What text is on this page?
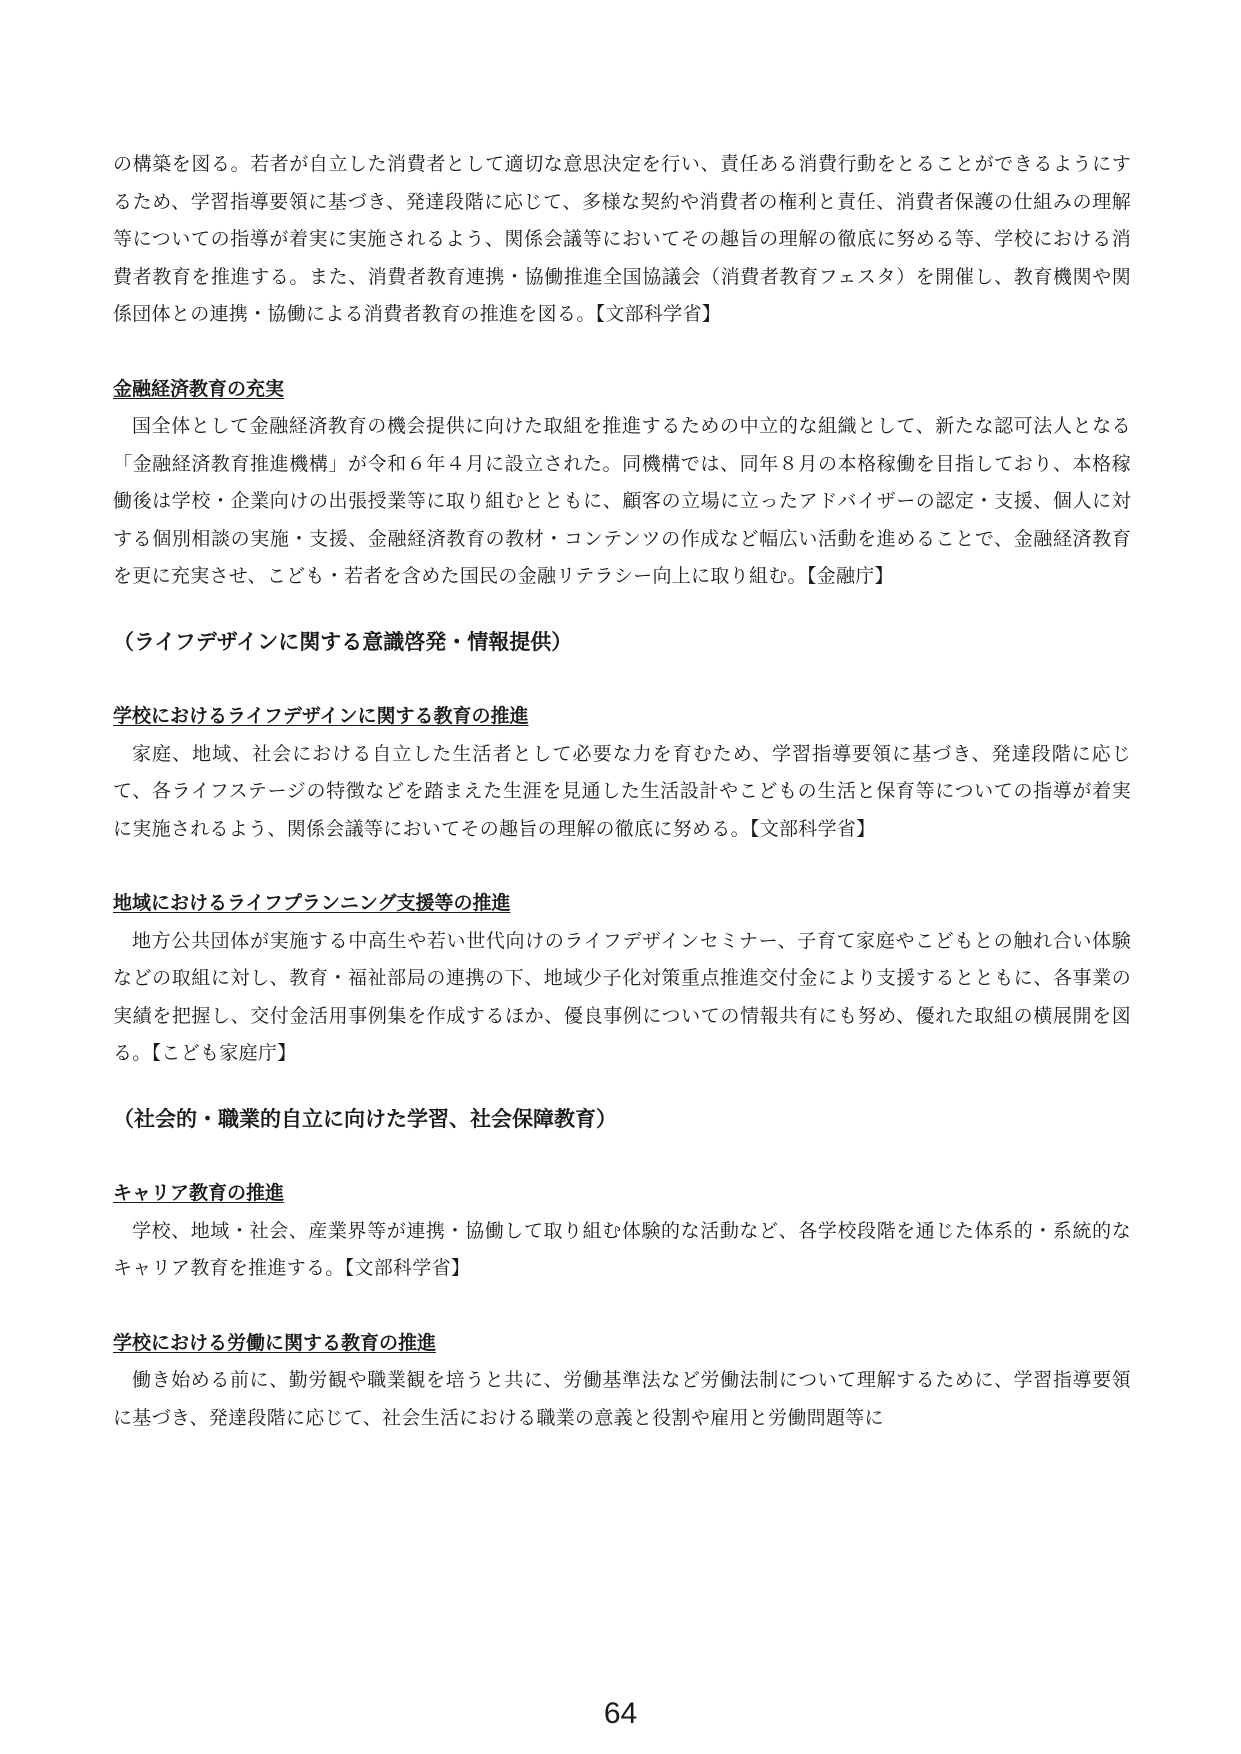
の構築を図る。若者が自立した消費者として適切な意思決定を行い、責任ある消費行動をとることができるようにするため、学習指導要領に基づき、発達段階に応じて、多様な契約や消費者の権利と責任、消費者保護の仕組みの理解等についての指導が着実に実施されるよう、関係会議等においてその趣旨の理解の徹底に努める等、学校における消費者教育を推進する。また、消費者教育連携・協働推進全国協議会（消費者教育フェスタ）を開催し、教育機関や関係団体との連携・協働による消費者教育の推進を図る。【文部科学省】

金融経済教育の充実

国全体として金融経済教育の機会提供に向けた取組を推進するための中立的な組織として、新たな認可法人となる「金融経済教育推進機構」が令和６年４月に設立された。同機構では、同年８月の本格稼働を目指しており、本格稼働後は学校・企業向けの出張授業等に取り組むとともに、顧客の立場に立ったアドバイザーの認定・支援、個人に対する個別相談の実施・支援、金融経済教育の教材・コンテンツの作成など幅広い活動を進めることで、金融経済教育を更に充実させ、こども・若者を含めた国民の金融リテラシー向上に取り組む。【金融庁】

（ライフデザインに関する意識啓発・情報提供）
学校におけるライフデザインに関する教育の推進

家庭、地域、社会における自立した生活者として必要な力を育むため、学習指導要領に基づき、発達段階に応じて、各ライフステージの特徴などを踏まえた生涯を見通した生活設計やこどもの生活と保育等についての指導が着実に実施されるよう、関係会議等においてその趣旨の理解の徹底に努める。【文部科学省】

地域におけるライフプランニング支援等の推進

地方公共団体が実施する中高生や若い世代向けのライフデザインセミナー、子育て家庭やこどもとの触れ合い体験などの取組に対し、教育・福祉部局の連携の下、地域少子化対策重点推進交付金により支援するとともに、各事業の実績を把握し、交付金活用事例集を作成するほか、優良事例についての情報共有にも努め、優れた取組の横展開を図る。【こども家庭庁】

（社会的・職業的自立に向けた学習、社会保障教育）
キャリア教育の推進

学校、地域・社会、産業界等が連携・協働して取り組む体験的な活動など、各学校段階を通じた体系的・系統的なキャリア教育を推進する。【文部科学省】

学校における労働に関する教育の推進

働き始める前に、勤労観や職業観を培うと共に、労働基準法など労働法制について理解するために、学習指導要領に基づき、発達段階に応じて、社会生活における職業の意義と役割や雇用と労働問題等に

64
